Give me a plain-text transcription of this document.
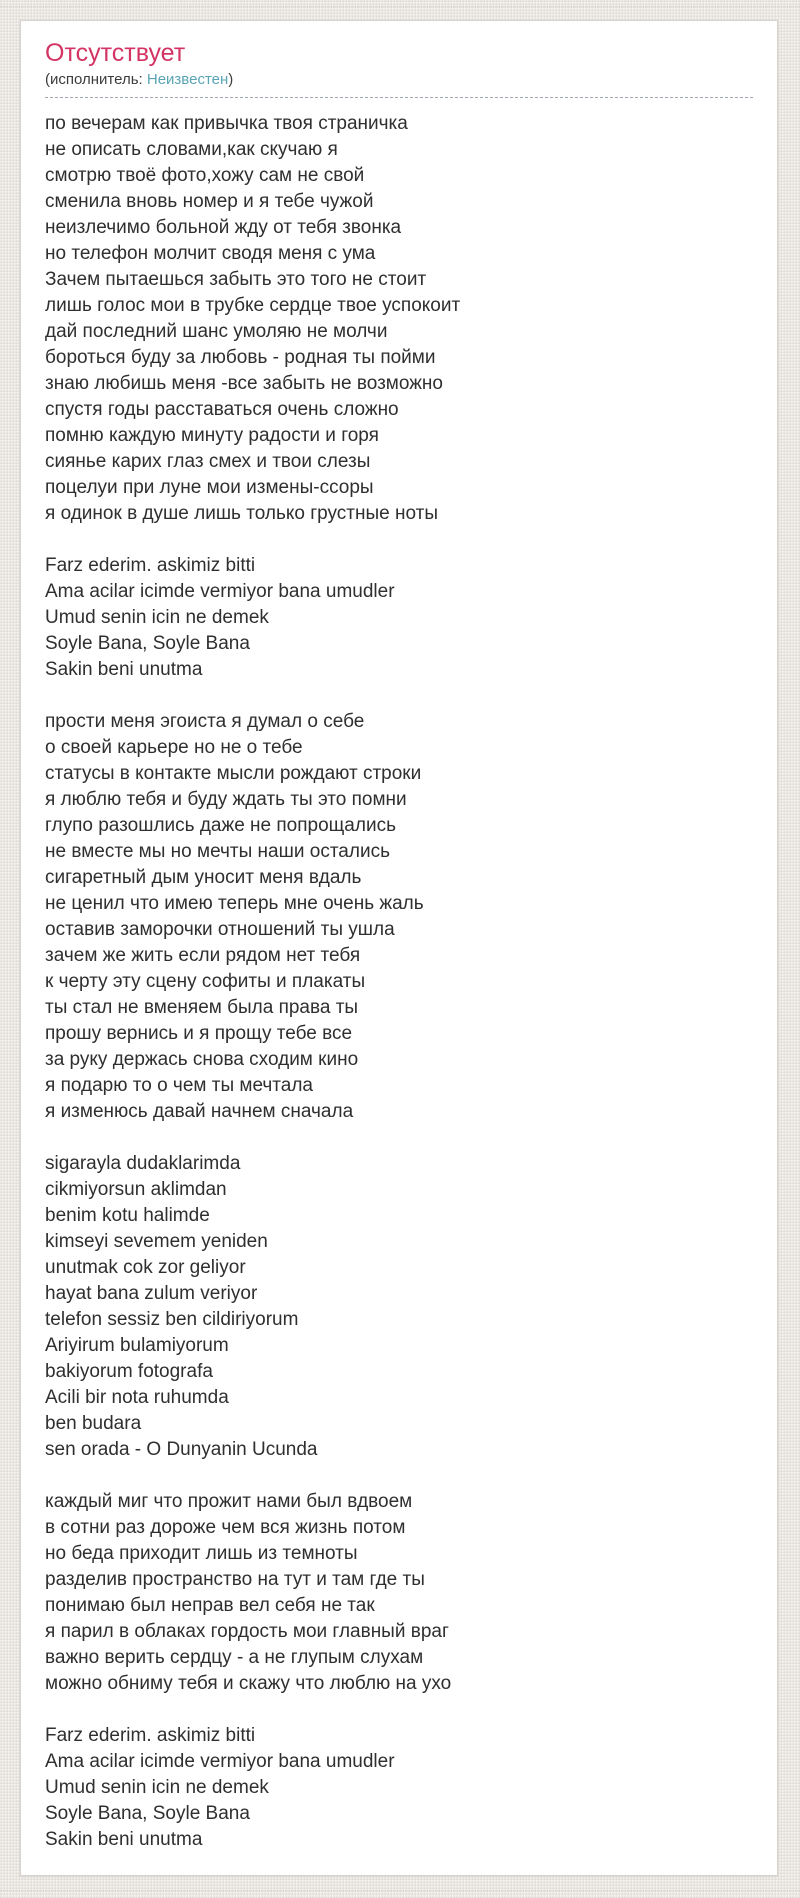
Отсутствует
(исполнитель: Неизвестен)
по вечерам как привычка твоя страничка
не описать словами,как скучаю я
смотрю твоё фото,хожу сам не свой
сменила вновь номер и я тебе чужой
неизлечимо больной жду от тебя звонка
но телефон молчит сводя меня с ума
Зачем пытаешься забыть это того не стоит
лишь голос мои в трубке сердце твое успокоит
дай последний шанс умоляю не молчи
бороться буду за любовь - родная ты пойми
знаю любишь меня -все забыть не возможно
спустя годы расставаться очень сложно
помню каждую минуту радости и горя
сиянье карих глаз смех и твои слезы
поцелуи при луне мои измены-ссоры
я одинок в душе лишь только грустные ноты
Farz ederim. askimiz bitti
Ama acilar icimde vermiyor bana umudler
Umud senin icin ne demek
Soyle Bana, Soyle Bana
Sakin beni unutma
прости меня эгоиста я думал о себе
о своей карьере но не о тебе
статусы в контакте мысли рождают строки
я люблю тебя и буду ждать ты это помни
глупо разошлись даже не попрощались
не вместе мы но мечты наши остались
сигаретный дым уносит меня вдаль
не ценил что имею теперь мне очень жаль
оставив заморочки отношений ты ушла
зачем же жить если рядом нет тебя
к черту эту сцену софиты и плакаты
ты стал не вменяем была права ты
прошу вернись и я прощу тебе все
за руку держась снова сходим кино
я подарю то о чем ты мечтала
я изменюсь давай начнем сначала
sigarayla dudaklarimda
cikmiyorsun aklimdan
benim kotu halimde
kimseyi sevemem yeniden
unutmak cok zor geliyor
hayat bana zulum veriyor
telefon sessiz ben cildiriyorum
Ariyirum bulamiyorum
bakiyorum fotografa
Acili bir nota ruhumda
ben budara
sen orada - O Dunyanin Ucunda
каждый миг что прожит нами был вдвоем
в сотни раз дороже чем вся жизнь потом
но беда приходит лишь из темноты
разделив пространство на тут и там где ты
понимаю был неправ вел себя не так
я парил в облаках гордость мои главный враг
важно верить сердцу - а не глупым слухам
можно обниму тебя и скажу что люблю на ухо
Farz ederim. askimiz bitti
Ama acilar icimde vermiyor bana umudler
Umud senin icin ne demek
Soyle Bana, Soyle Bana
Sakin beni unutma
